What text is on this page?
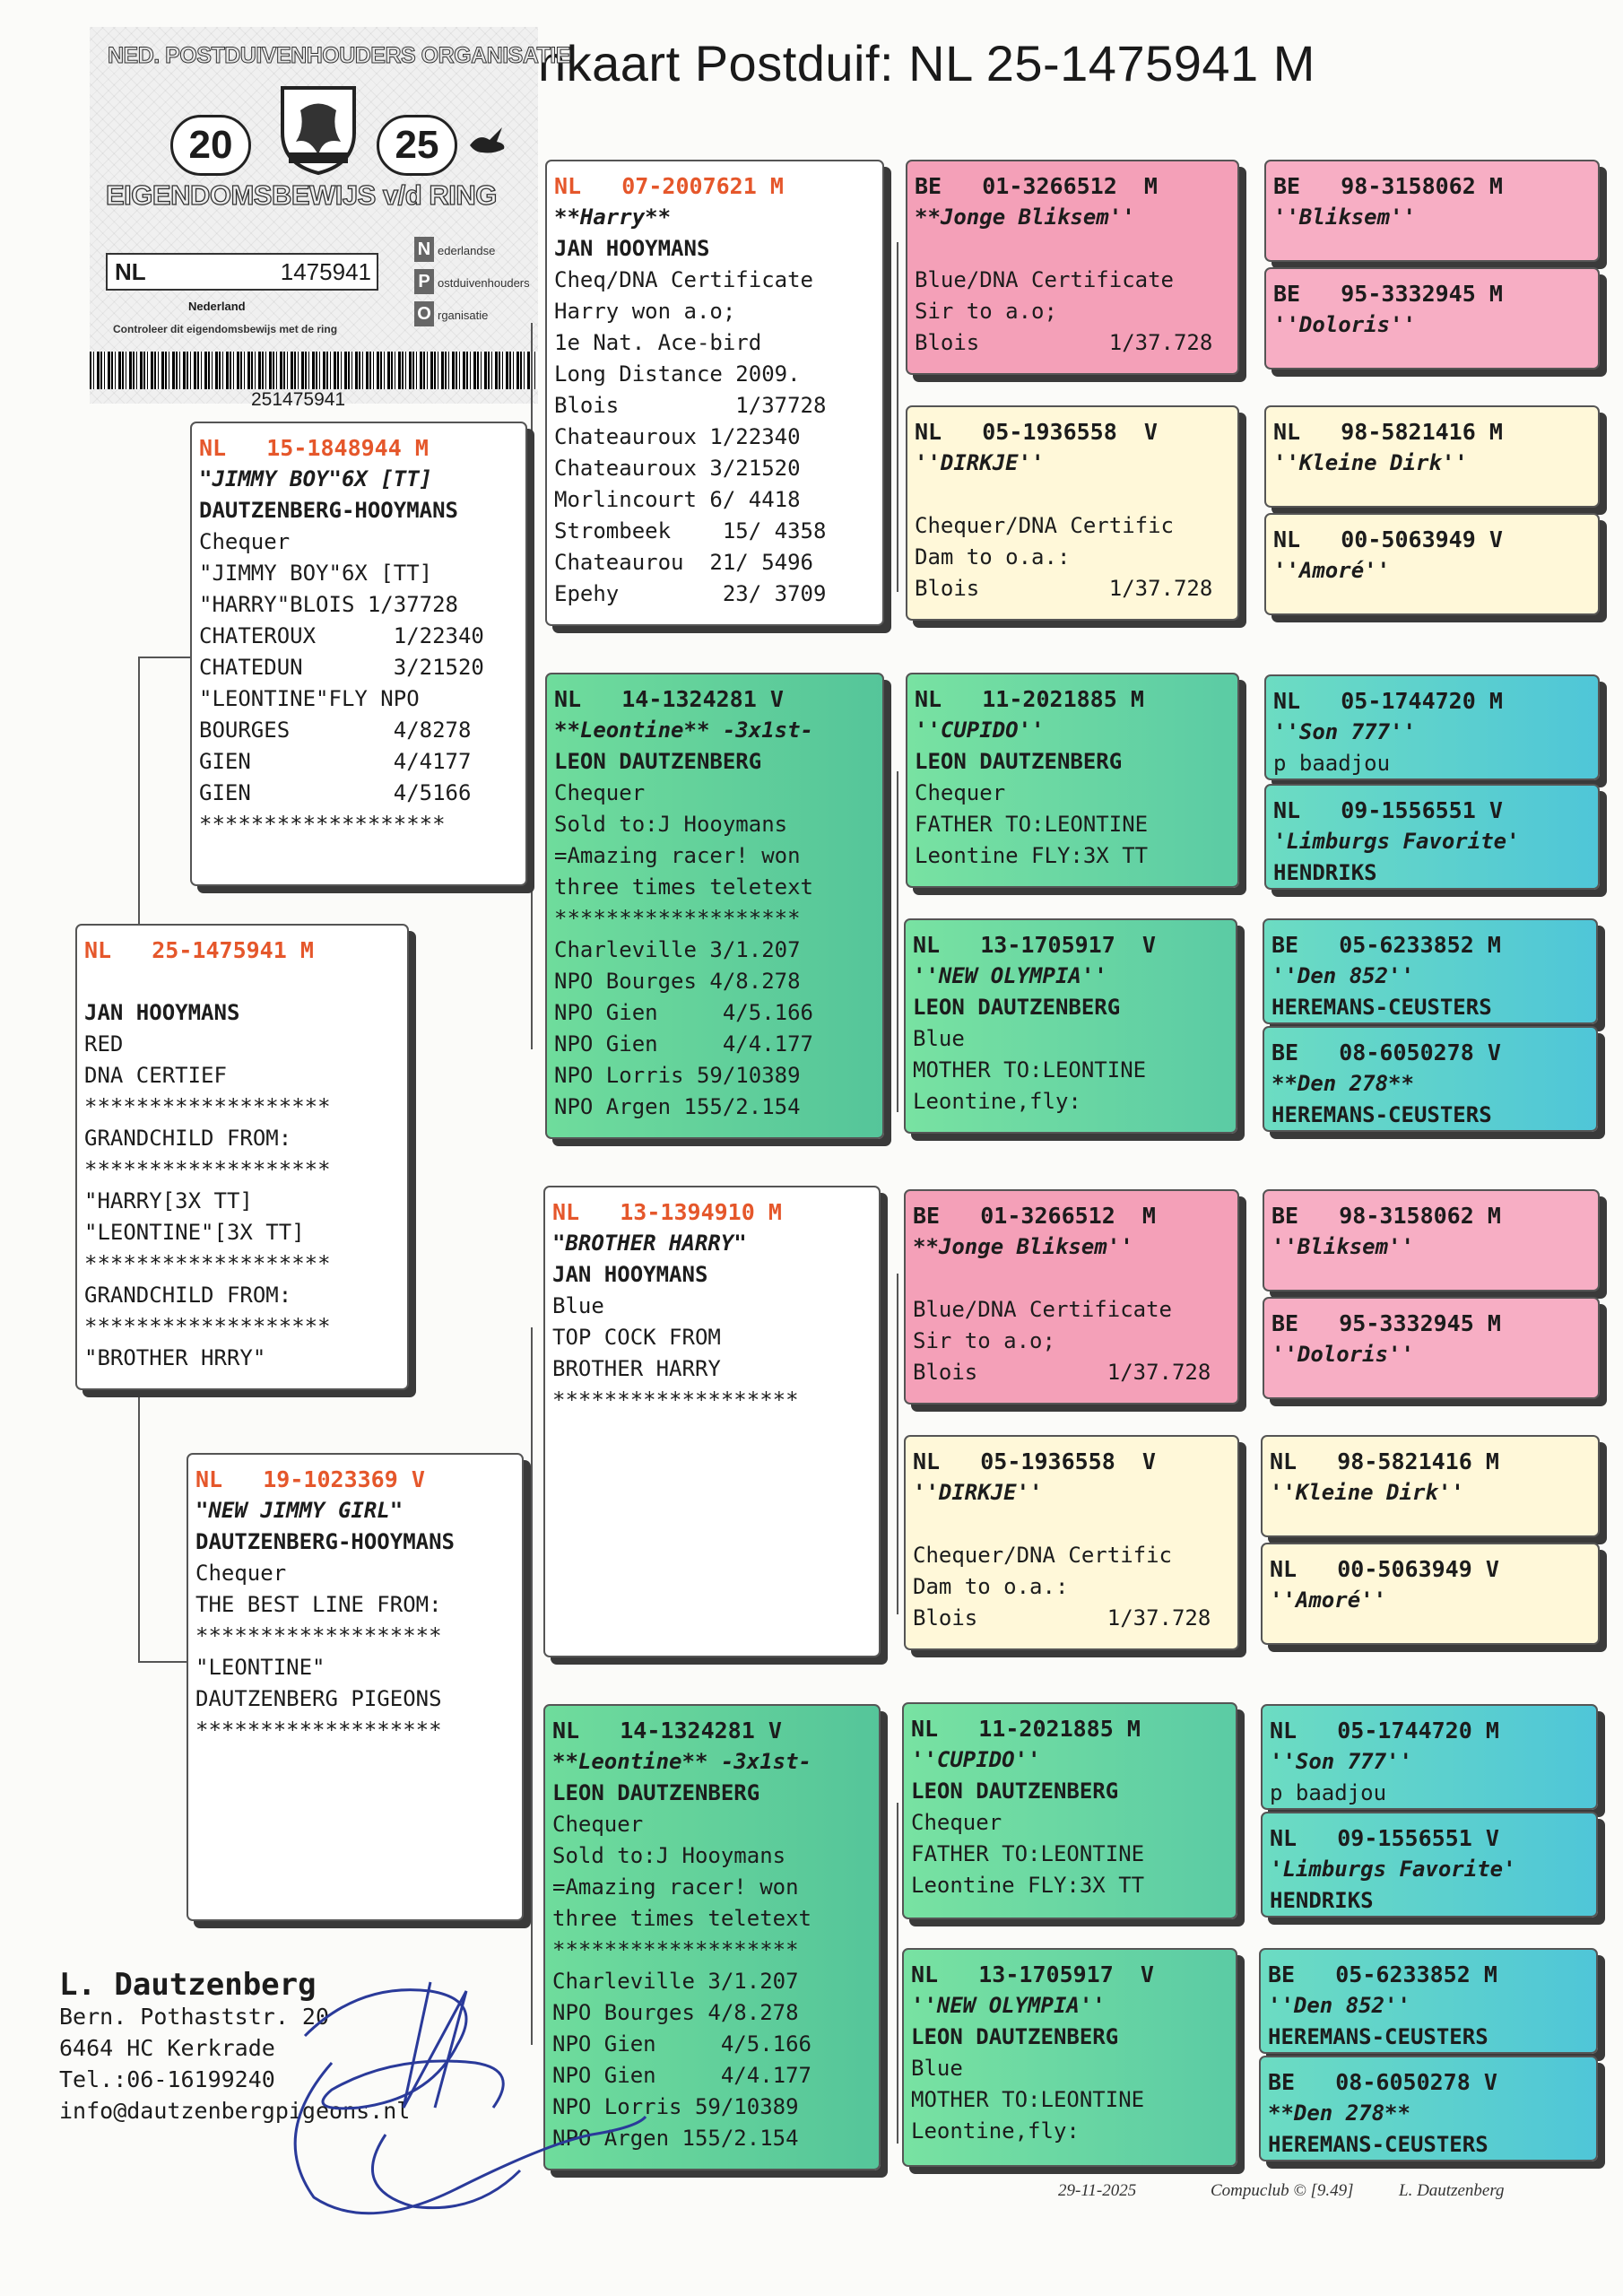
nkaart Postduif: NL 25-1475941 M
NED. POSTDUIVENHOUDERS ORGANISATIE
20	25
EIGENDOMSBEWIJS v/d RING
NL	1475941
N ederlandse
P ostduivenhouders
O rganisatie
Nederland
Controleer dit eigendomsbewijs met de ring
251475941
NL   25-1475941 M

JAN HOOYMANS
RED
DNA CERTIEF
*******************
GRANDCHILD FROM:
*******************
"HARRY[3X TT]
"LEONTINE"[3X TT]
*******************
GRANDCHILD FROM:
*******************
"BROTHER HRRY"
NL   15-1848944 M
"JIMMY BOY"6X [TT]
DAUTZENBERG-HOOYMANS
Chequer
"JIMMY BOY"6X [TT]
"HARRY"BLOIS 1/37728
CHATEROUX      1/22340
CHATEDUN       3/21520
"LEONTINE"FLY NPO
BOURGES        4/8278
GIEN           4/4177
GIEN           4/5166
*******************
NL   19-1023369 V
"NEW JIMMY GIRL"
DAUTZENBERG-HOOYMANS
Chequer
THE BEST LINE FROM:
*******************
"LEONTINE"
DAUTZENBERG PIGEONS
*******************
NL   07-2007621 M
**Harry**
JAN HOOYMANS
Cheq/DNA Certificate
Harry won a.o;
1e Nat. Ace-bird
Long Distance 2009.
Blois         1/37728
Chateauroux 1/22340
Chateauroux 3/21520
Morlincourt 6/ 4418
Strombeek    15/ 4358
Chateaurou  21/ 5496
Epehy        23/ 3709
NL   14-1324281 V
**Leontine** -3x1st-
LEON DAUTZENBERG
Chequer
Sold to:J Hooymans
=Amazing racer! won
three times teletext
*******************
Charleville 3/1.207
NPO Bourges 4/8.278
NPO Gien     4/5.166
NPO Gien     4/4.177
NPO Lorris 59/10389
NPO Argen 155/2.154
NL   13-1394910 M
"BROTHER HARRY"
JAN HOOYMANS
Blue
TOP COCK FROM
BROTHER HARRY
*******************
NL   14-1324281 V
**Leontine** -3x1st-
LEON DAUTZENBERG
Chequer
Sold to:J Hooymans
=Amazing racer! won
three times teletext
*******************
Charleville 3/1.207
NPO Bourges 4/8.278
NPO Gien     4/5.166
NPO Gien     4/4.177
NPO Lorris 59/10389
NPO Argen 155/2.154
BE   01-3266512  M
**Jonge Bliksem''

Blue/DNA Certificate
Sir to a.o;
Blois          1/37.728
NL   05-1936558  V
''DIRKJE''

Chequer/DNA Certific
Dam to o.a.:
Blois          1/37.728
NL   11-2021885 M
''CUPIDO''
LEON DAUTZENBERG
Chequer
FATHER TO:LEONTINE
Leontine FLY:3X TT
NL   13-1705917  V
''NEW OLYMPIA''
LEON DAUTZENBERG
Blue
MOTHER TO:LEONTINE
Leontine,fly:
BE   01-3266512  M
**Jonge Bliksem''

Blue/DNA Certificate
Sir to a.o;
Blois          1/37.728
NL   05-1936558  V
''DIRKJE''

Chequer/DNA Certific
Dam to o.a.:
Blois          1/37.728
NL   11-2021885 M
''CUPIDO''
LEON DAUTZENBERG
Chequer
FATHER TO:LEONTINE
Leontine FLY:3X TT
NL   13-1705917  V
''NEW OLYMPIA''
LEON DAUTZENBERG
Blue
MOTHER TO:LEONTINE
Leontine,fly:
BE   98-3158062 M
''Bliksem''
BE   95-3332945 M
''Doloris''
NL   98-5821416 M
''Kleine Dirk''
NL   00-5063949 V
''Amoré''
NL   05-1744720 M
''Son 777''
p baadjou
NL   09-1556551 V
'Limburgs Favorite'
HENDRIKS
BE   05-6233852 M
''Den 852''
HEREMANS-CEUSTERS
BE   08-6050278 V
**Den 278**
HEREMANS-CEUSTERS
BE   98-3158062 M
''Bliksem''
BE   95-3332945 M
''Doloris''
NL   98-5821416 M
''Kleine Dirk''
NL   00-5063949 V
''Amoré''
NL   05-1744720 M
''Son 777''
p baadjou
NL   09-1556551 V
'Limburgs Favorite'
HENDRIKS
BE   05-6233852 M
''Den 852''
HEREMANS-CEUSTERS
BE   08-6050278 V
**Den 278**
HEREMANS-CEUSTERS
L. Dautzenberg
Bern. Pothaststr. 20
6464 HC Kerkrade
Tel.:06-16199240
info@dautzenbergpigeons.nl
29-11-2025	Compuclub © [9.49]	L. Dautzenberg
